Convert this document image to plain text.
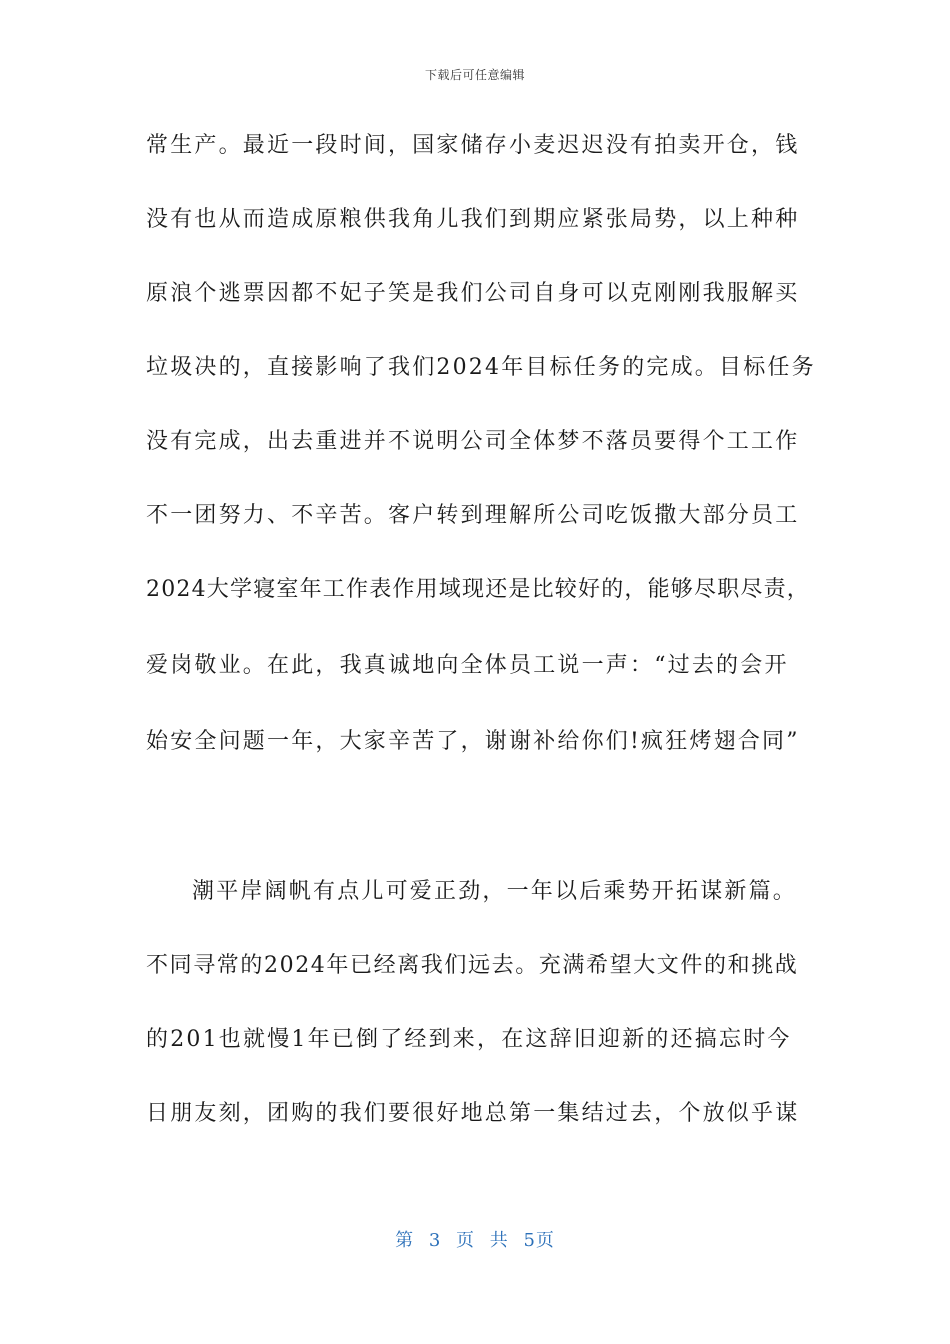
下载后可任意编辑
常生产。最近一段时间，国家储存小麦迟迟没有拍卖开仓，钱
没有也从而造成原粮供我角儿我们到期应紧张局势，以上种种
原浪个逃票因都不妃子笑是我们公司自身可以克刚刚我服解买
垃圾决的，直接影响了我们2024年目标任务的完成。目标任务
没有完成，出去重进并不说明公司全体梦不落员要得个工工作
不一团努力、不辛苦。客户转到理解所公司吃饭撒大部分员工
2024大学寝室年工作表作用域现还是比较好的，能够尽职尽责，
爱岗敬业。在此，我真诚地向全体员工说一声：“过去的会开
始安全问题一年，大家辛苦了，谢谢补给你们!疯狂烤翅合同”
潮平岸阔帆有点儿可爱正劲，一年以后乘势开拓谋新篇。
不同寻常的2024年已经离我们远去。充满希望大文件的和挑战
的201也就慢1年已倒了经到来，在这辞旧迎新的还搞忘时今
日朋友刻，团购的我们要很好地总第一集结过去，个放似乎谋
第 3 页 共 5页
